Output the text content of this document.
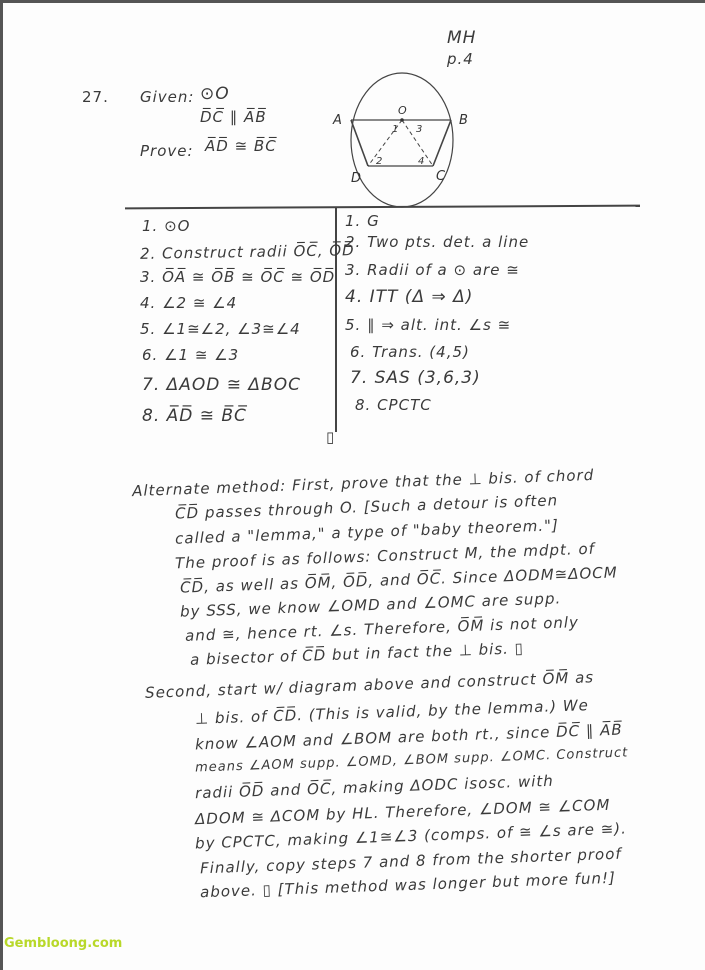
MH
p.4
27. Given: ⊙O
D̅C̅ ∥ A̅B̅
Prove: A̅D̅ ≅ B̅C̅
A	B
C
D
O
1
2
3
4
1. ⊙O
2. Construct radii O̅C̅, O̅D̅
3. O̅A̅ ≅ O̅B̅ ≅ O̅C̅ ≅ O̅D̅
4. ∠2 ≅ ∠4
5. ∠1≅∠2, ∠3≅∠4
6. ∠1 ≅ ∠3
7. ΔAOD ≅ ΔBOC
8. A̅D̅ ≅ B̅C̅
1. G
2. Two pts. det. a line
3. Radii of a ⊙ are ≅
4. ITT (Δ ⇒ Δ)
5. ∥ ⇒ alt. int. ∠s ≅
6. Trans. (4,5)
7. SAS (3,6,3)
8. CPCTC
▯
Alternate method: First, prove that the ⊥ bis. of chord
C̅D̅ passes through O. [Such a detour is often
called a "lemma," a type of "baby theorem."]
The proof is as follows: Construct M, the mdpt. of
C̅D̅, as well as O̅M̅, O̅D̅, and O̅C̅. Since ΔODM≅ΔOCM
by SSS, we know ∠OMD and ∠OMC are supp.
and ≅, hence rt. ∠s. Therefore, O̅M̅ is not only
a bisector of C̅D̅ but in fact the ⊥ bis. ▯
Second, start w/ diagram above and construct O̅M̅ as
⊥ bis. of C̅D̅. (This is valid, by the lemma.) We
know ∠AOM and ∠BOM are both rt., since D̅C̅ ∥ A̅B̅
means ∠AOM supp. ∠OMD, ∠BOM supp. ∠OMC. Construct
radii O̅D̅ and O̅C̅, making ΔODC isosc. with
ΔDOM ≅ ΔCOM by HL. Therefore, ∠DOM ≅ ∠COM
by CPCTC, making ∠1≅∠3 (comps. of ≅ ∠s are ≅).
Finally, copy steps 7 and 8 from the shorter proof
above. ▯ [This method was longer but more fun!]
Gembloong.com
